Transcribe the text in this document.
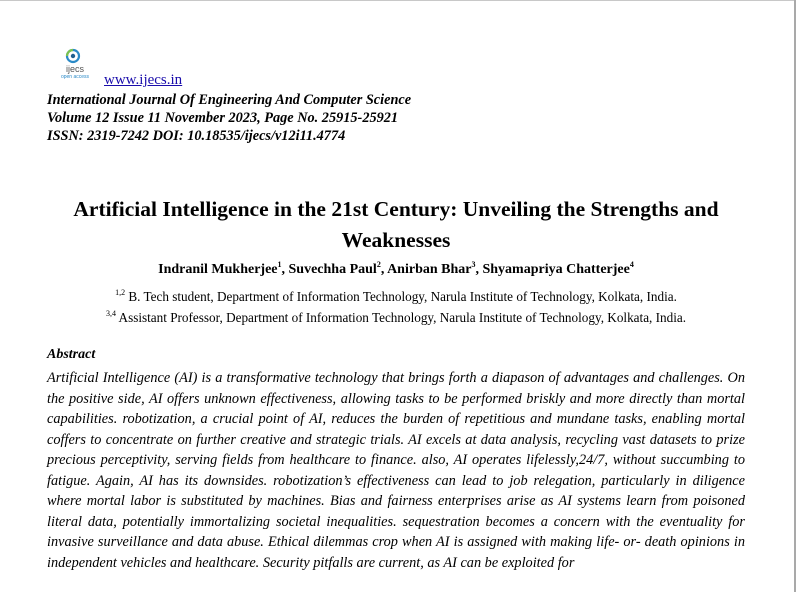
ijecs
open access www.ijecs.in
International Journal Of Engineering And Computer Science
Volume 12 Issue 11 November 2023, Page No. 25915-25921
ISSN: 2319-7242 DOI: 10.18535/ijecs/v12i11.4774
Artificial Intelligence in the 21st Century: Unveiling the Strengths and Weaknesses
Indranil Mukherjee$^1$, Suvechha Paul$^2$, Anirban Bhar$^3$, Shyamapriya Chatterjee$^4$
$^{1,2}$ B. Tech student, Department of Information Technology, Narula Institute of Technology, Kolkata, India.
$^{3,4}$ Assistant Professor, Department of Information Technology, Narula Institute of Technology, Kolkata, India.
Abstract
Artificial Intelligence (AI) is a transformative technology that brings forth a diapason of advantages and challenges. On the positive side, AI offers unknown effectiveness, allowing tasks to be performed briskly and more directly than mortal capabilities. robotization, a crucial point of AI, reduces the burden of repetitious and mundane tasks, enabling mortal coffers to concentrate on further creative and strategic trials. AI excels at data analysis, recycling vast datasets to prize precious perceptivity, serving fields from healthcare to finance. also, AI operates lifelessly,24/7, without succumbing to fatigue. Again, AI has its downsides. robotization’s effectiveness can lead to job relegation, particularly in diligence where mortal labor is substituted by machines. Bias and fairness enterprises arise as AI systems learn from poisoned literal data, potentially immortalizing societal inequalities. sequestration becomes a concern with the eventuality for invasive surveillance and data abuse. Ethical dilemmas crop when AI is assigned with making life- or- death opinions in independent vehicles and healthcare. Security pitfalls are current, as AI can be exploited for
